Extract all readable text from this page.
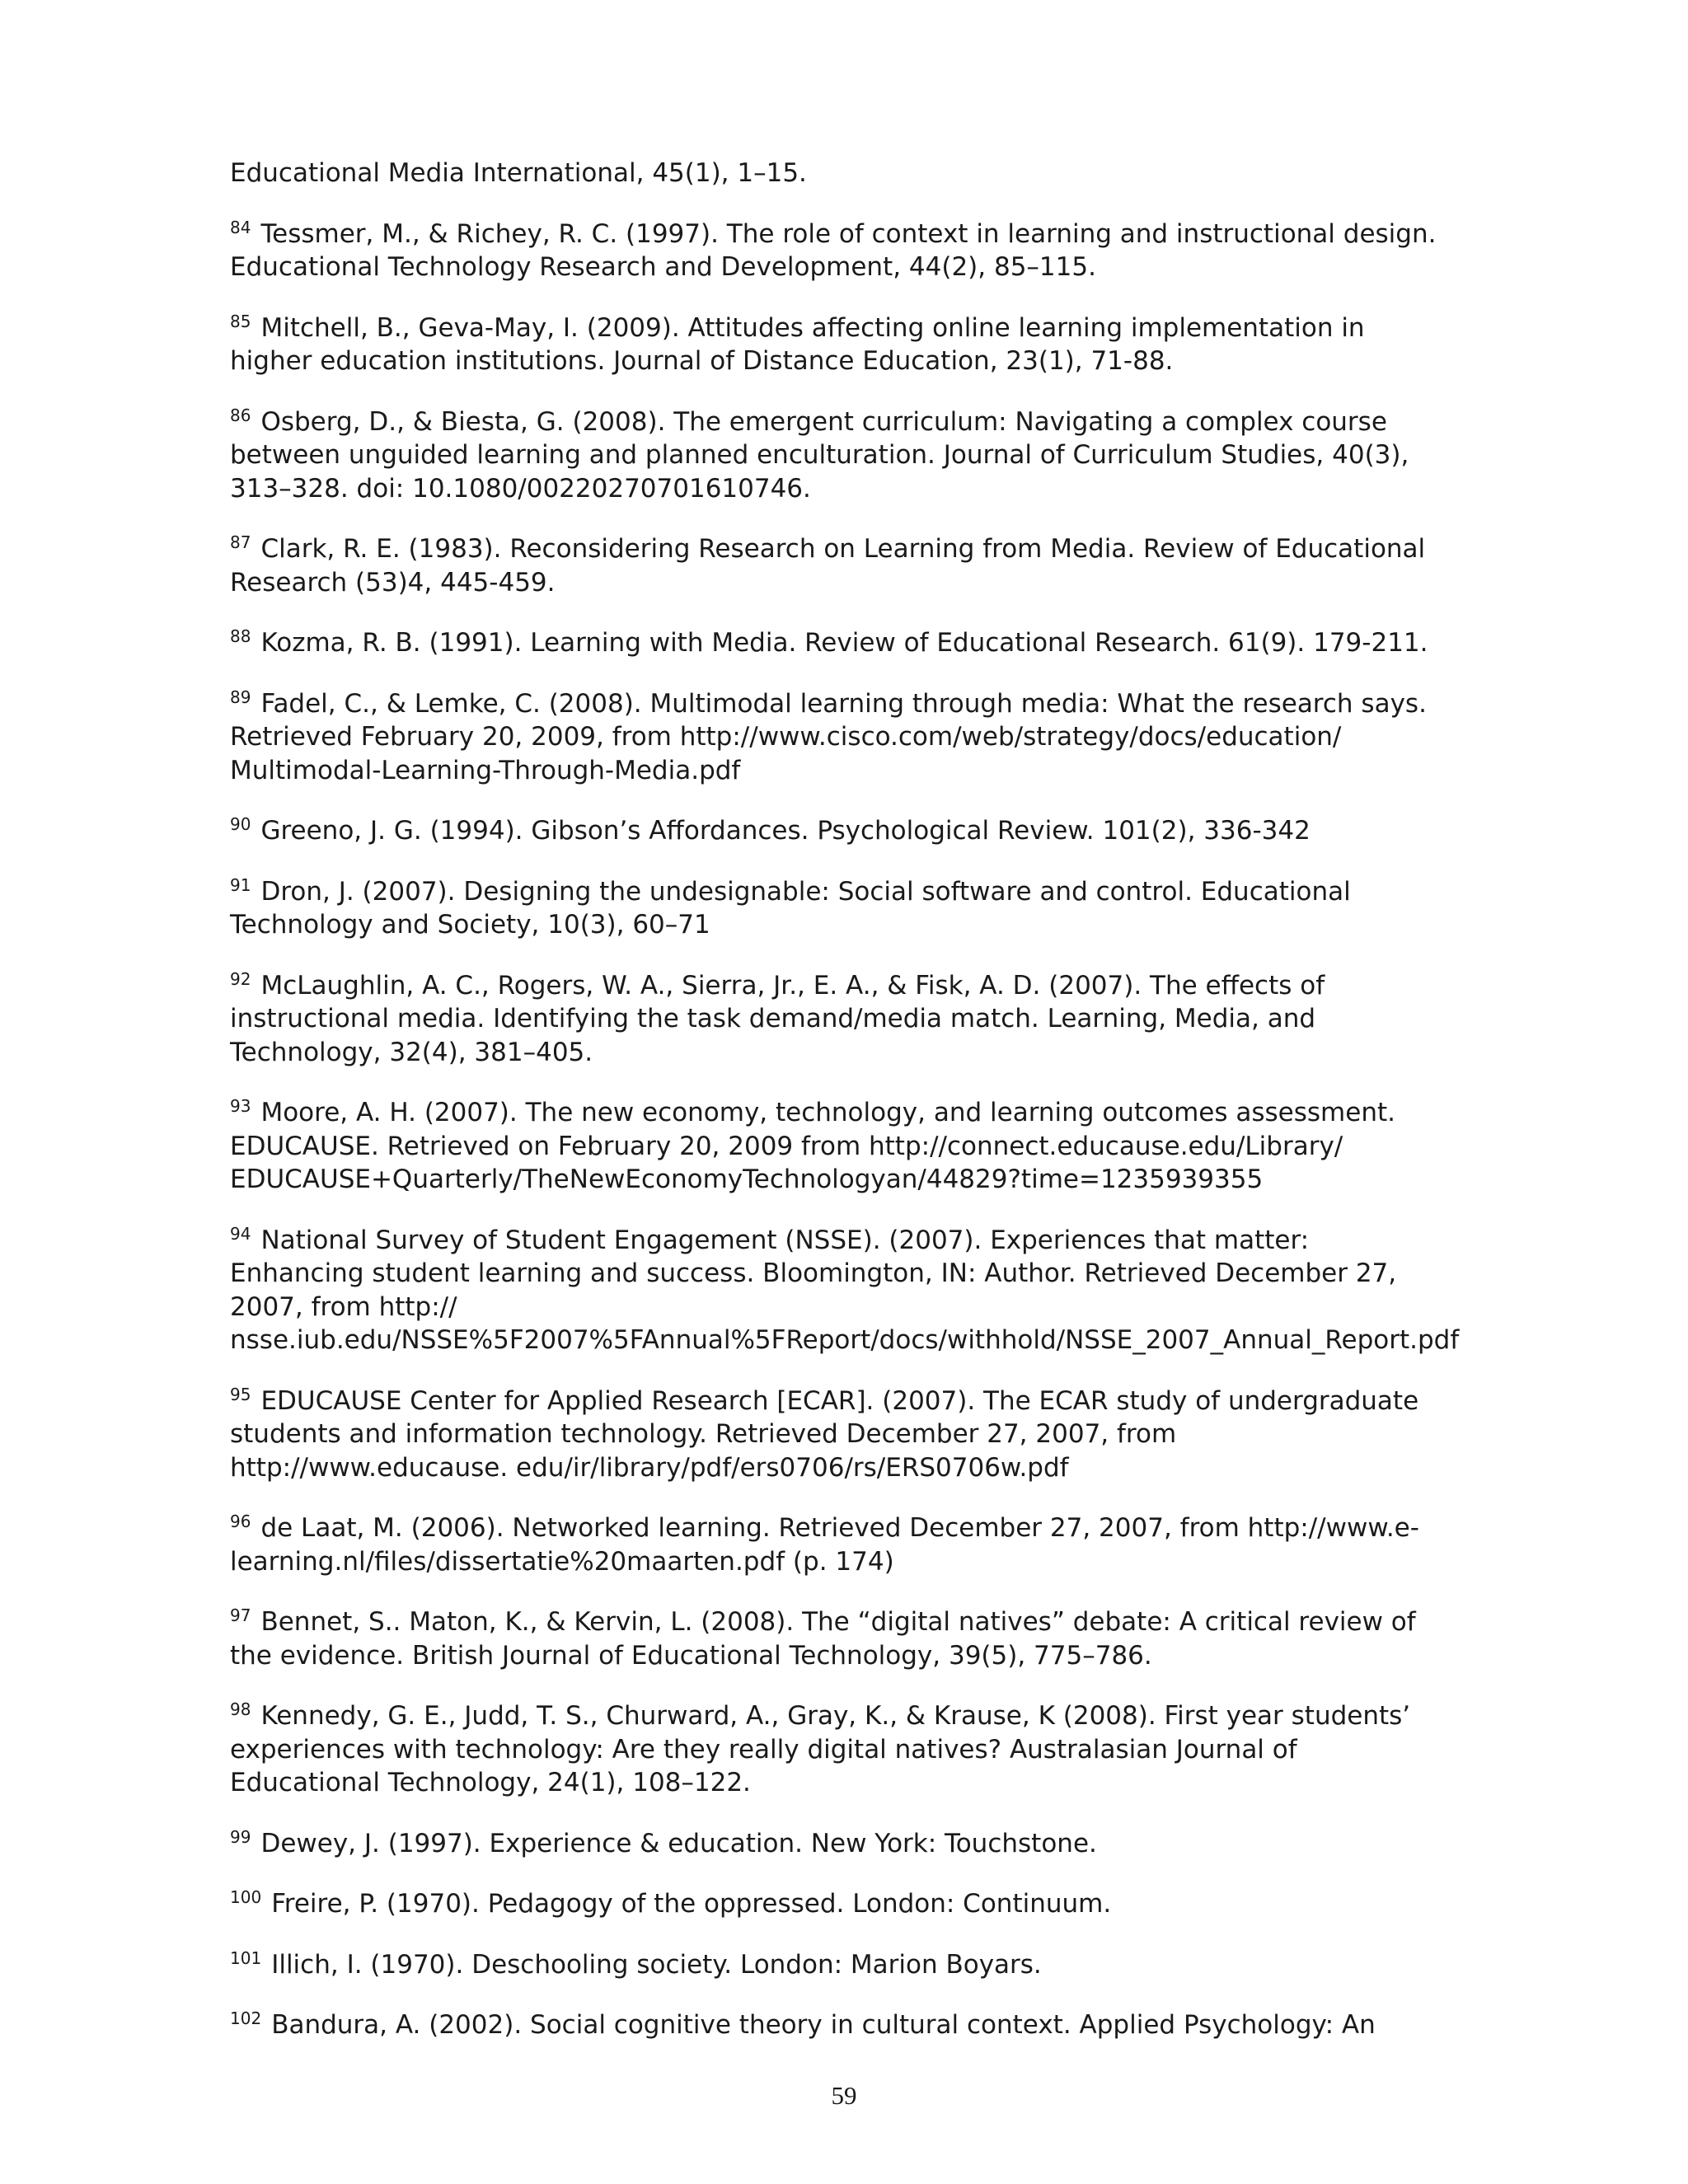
Educational Media International, 45(1), 1–15.

$^{84}$ Tessmer, M., & Richey, R. C. (1997). The role of context in learning and instructional design. Educational Technology Research and Development, 44(2), 85–115.

$^{85}$ Mitchell, B., Geva-May, I. (2009). Attitudes affecting online learning implementation in higher education institutions. Journal of Distance Education, 23(1), 71-88.

$^{86}$ Osberg, D., & Biesta, G. (2008). The emergent curriculum: Navigating a complex course between unguided learning and planned enculturation. Journal of Curriculum Studies, 40(3), 313–328. doi: 10.1080/00220270701610746.

$^{87}$ Clark, R. E. (1983). Reconsidering Research on Learning from Media. Review of Educational Research (53)4, 445-459.

$^{88}$ Kozma, R. B. (1991). Learning with Media. Review of Educational Research. 61(9). 179-211.

$^{89}$ Fadel, C., & Lemke, C. (2008). Multimodal learning through media: What the research says. Retrieved February 20, 2009, from http://www.cisco.com/web/strategy/docs/education/ Multimodal-Learning-Through-Media.pdf

$^{90}$ Greeno, J. G. (1994). Gibson’s Affordances. Psychological Review. 101(2), 336-342

$^{91}$ Dron, J. (2007). Designing the undesignable: Social software and control. Educational Technology and Society, 10(3), 60–71

$^{92}$ McLaughlin, A. C., Rogers, W. A., Sierra, Jr., E. A., & Fisk, A. D. (2007). The effects of instructional media. Identifying the task demand/media match. Learning, Media, and Technology, 32(4), 381–405.

$^{93}$ Moore, A. H. (2007). The new economy, technology, and learning outcomes assessment. EDUCAUSE. Retrieved on February 20, 2009 from http://connect.educause.edu/Library/ EDUCAUSE+Quarterly/TheNewEconomyTechnologyan/44829?time=1235939355

$^{94}$ National Survey of Student Engagement (NSSE). (2007). Experiences that matter: Enhancing student learning and success. Bloomington, IN: Author. Retrieved December 27, 2007, from http:// nsse.iub.edu/NSSE%5F2007%5FAnnual%5FReport/docs/withhold/NSSE_2007_Annual_Report.pdf

$^{95}$ EDUCAUSE Center for Applied Research [ECAR]. (2007). The ECAR study of undergraduate students and information technology. Retrieved December 27, 2007, from http://www.educause. edu/ir/library/pdf/ers0706/rs/ERS0706w.pdf

$^{96}$ de Laat, M. (2006). Networked learning. Retrieved December 27, 2007, from http://www.e-learning.nl/files/dissertatie%20maarten.pdf (p. 174)

$^{97}$ Bennet, S.. Maton, K., & Kervin, L. (2008). The “digital natives” debate: A critical review of the evidence. British Journal of Educational Technology, 39(5), 775–786.

$^{98}$ Kennedy, G. E., Judd, T. S., Churward, A., Gray, K., & Krause, K (2008). First year students’ experiences with technology: Are they really digital natives? Australasian Journal of Educational Technology, 24(1), 108–122.

$^{99}$ Dewey, J. (1997). Experience & education. New York: Touchstone.

$^{100}$ Freire, P. (1970). Pedagogy of the oppressed. London: Continuum.

$^{101}$ Illich, I. (1970). Deschooling society. London: Marion Boyars.

$^{102}$ Bandura, A. (2002). Social cognitive theory in cultural context. Applied Psychology: An

59
